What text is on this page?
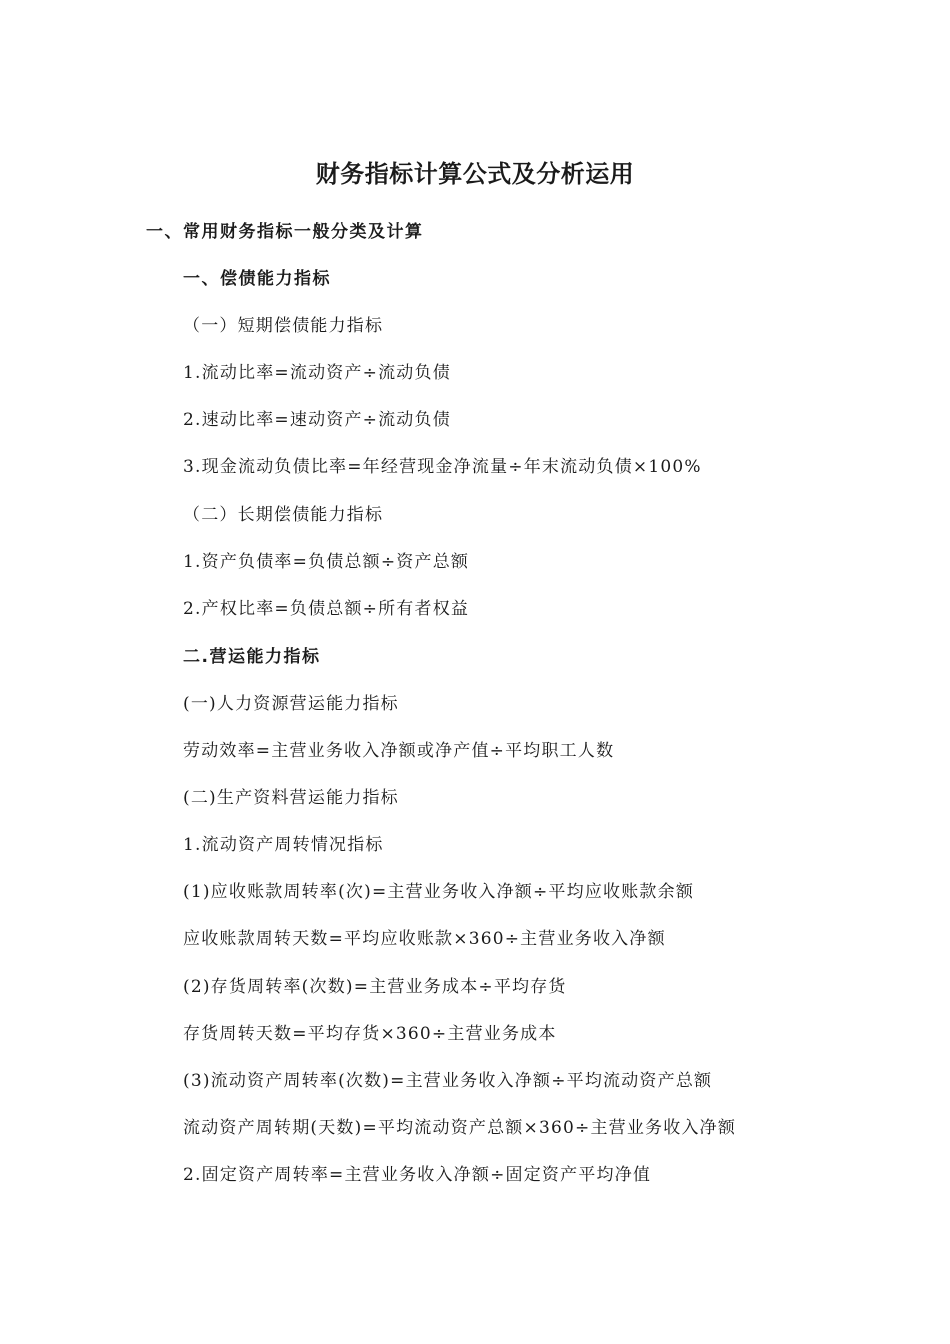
财务指标计算公式及分析运用
一、常用财务指标一般分类及计算
一、偿债能力指标
（一）短期偿债能力指标
1.流动比率=流动资产÷流动负债
2.速动比率=速动资产÷流动负债
3.现金流动负债比率=年经营现金净流量÷年末流动负债×100%
（二）长期偿债能力指标
1.资产负债率=负债总额÷资产总额
2.产权比率=负债总额÷所有者权益
二.营运能力指标
(一)人力资源营运能力指标
劳动效率=主营业务收入净额或净产值÷平均职工人数
(二)生产资料营运能力指标
1.流动资产周转情况指标
(1)应收账款周转率(次)=主营业务收入净额÷平均应收账款余额
应收账款周转天数=平均应收账款×360÷主营业务收入净额
(2)存货周转率(次数)=主营业务成本÷平均存货
存货周转天数=平均存货×360÷主营业务成本
(3)流动资产周转率(次数)=主营业务收入净额÷平均流动资产总额
流动资产周转期(天数)=平均流动资产总额×360÷主营业务收入净额
2.固定资产周转率=主营业务收入净额÷固定资产平均净值
